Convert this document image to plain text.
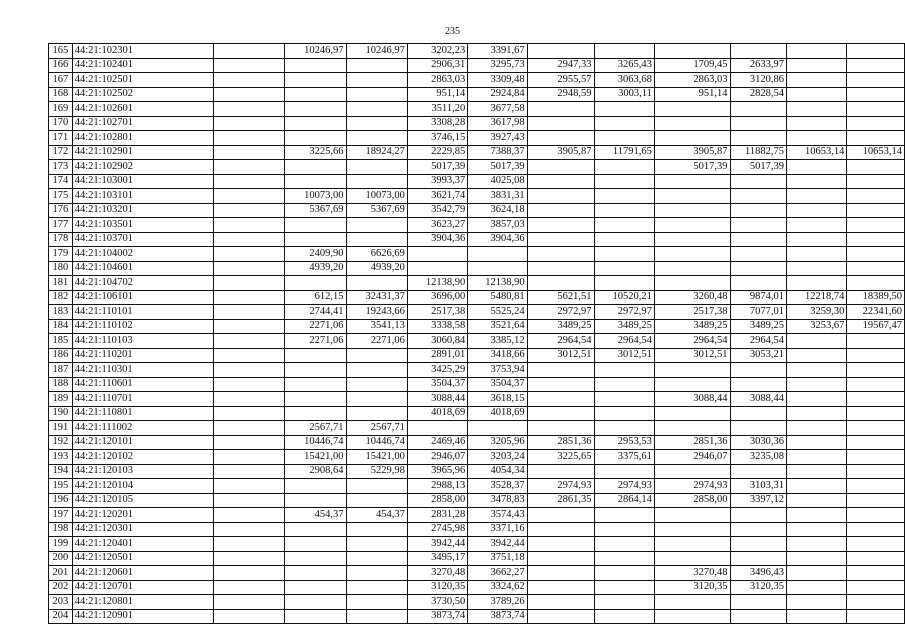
235
165	44:21:102301		10246,97	10246,97	3202,23	3391,67						
166	44:21:102401				2906,31	3295,73	2947,33	3265,43	1709,45	2633,97		
167	44:21:102501				2863,03	3309,48	2955,57	3063,68	2863,03	3120,86		
168	44:21:102502				951,14	2924,84	2948,59	3003,11	951,14	2828,54		
169	44:21:102601				3511,20	3677,58						
170	44:21:102701				3308,28	3617,98						
171	44:21:102801				3746,15	3927,43						
172	44:21:102901		3225,66	18924,27	2229,85	7388,37	3905,87	11791,65	3905,87	11882,75	10653,14	10653,14
173	44:21:102902				5017,39	5017,39			5017,39	5017,39		
174	44:21:103001				3993,37	4025,08						
175	44:21:103101		10073,00	10073,00	3621,74	3831,31						
176	44:21:103201		5367,69	5367,69	3542,79	3624,18						
177	44:21:103501				3623,27	3857,03						
178	44:21:103701				3904,36	3904,36						
179	44:21:104002		2409,90	6626,69								
180	44:21:104601		4939,20	4939,20								
181	44:21:104702				12138,90	12138,90						
182	44:21:106101		612,15	32431,37	3696,00	5480,81	5621,51	10520,21	3260,48	9874,01	12218,74	18389,50
183	44:21:110101		2744,41	19243,66	2517,38	5525,24	2972,97	2972,97	2517,38	7077,01	3259,30	22341,60
184	44:21:110102		2271,06	3541,13	3338,58	3521,64	3489,25	3489,25	3489,25	3489,25	3253,67	19567,47
185	44:21:110103		2271,06	2271,06	3060,84	3385,12	2964,54	2964,54	2964,54	2964,54		
186	44:21:110201				2891,01	3418,66	3012,51	3012,51	3012,51	3053,21		
187	44:21:110301				3425,29	3753,94						
188	44:21:110601				3504,37	3504,37						
189	44:21:110701				3088,44	3618,15			3088,44	3088,44		
190	44:21:110801				4018,69	4018,69						
191	44:21:111002		2567,71	2567,71								
192	44:21:120101		10446,74	10446,74	2469,46	3205,96	2851,36	2953,53	2851,36	3030,36		
193	44:21:120102		15421,00	15421,00	2946,07	3203,24	3225,65	3375,61	2946,07	3235,08		
194	44:21:120103		2908,64	5229,98	3965,96	4054,34						
195	44:21:120104				2988,13	3528,37	2974,93	2974,93	2974,93	3103,31		
196	44:21:120105				2858,00	3478,83	2861,35	2864,14	2858,00	3397,12		
197	44:21:120201		454,37	454,37	2831,28	3574,43						
198	44:21:120301				2745,98	3371,16						
199	44:21:120401				3942,44	3942,44						
200	44:21:120501				3495,17	3751,18						
201	44:21:120601				3270,48	3662,27			3270,48	3496,43		
202	44:21:120701				3120,35	3324,62			3120,35	3120,35		
203	44:21:120801				3730,50	3789,26						
204	44:21:120901				3873,74	3873,74						
